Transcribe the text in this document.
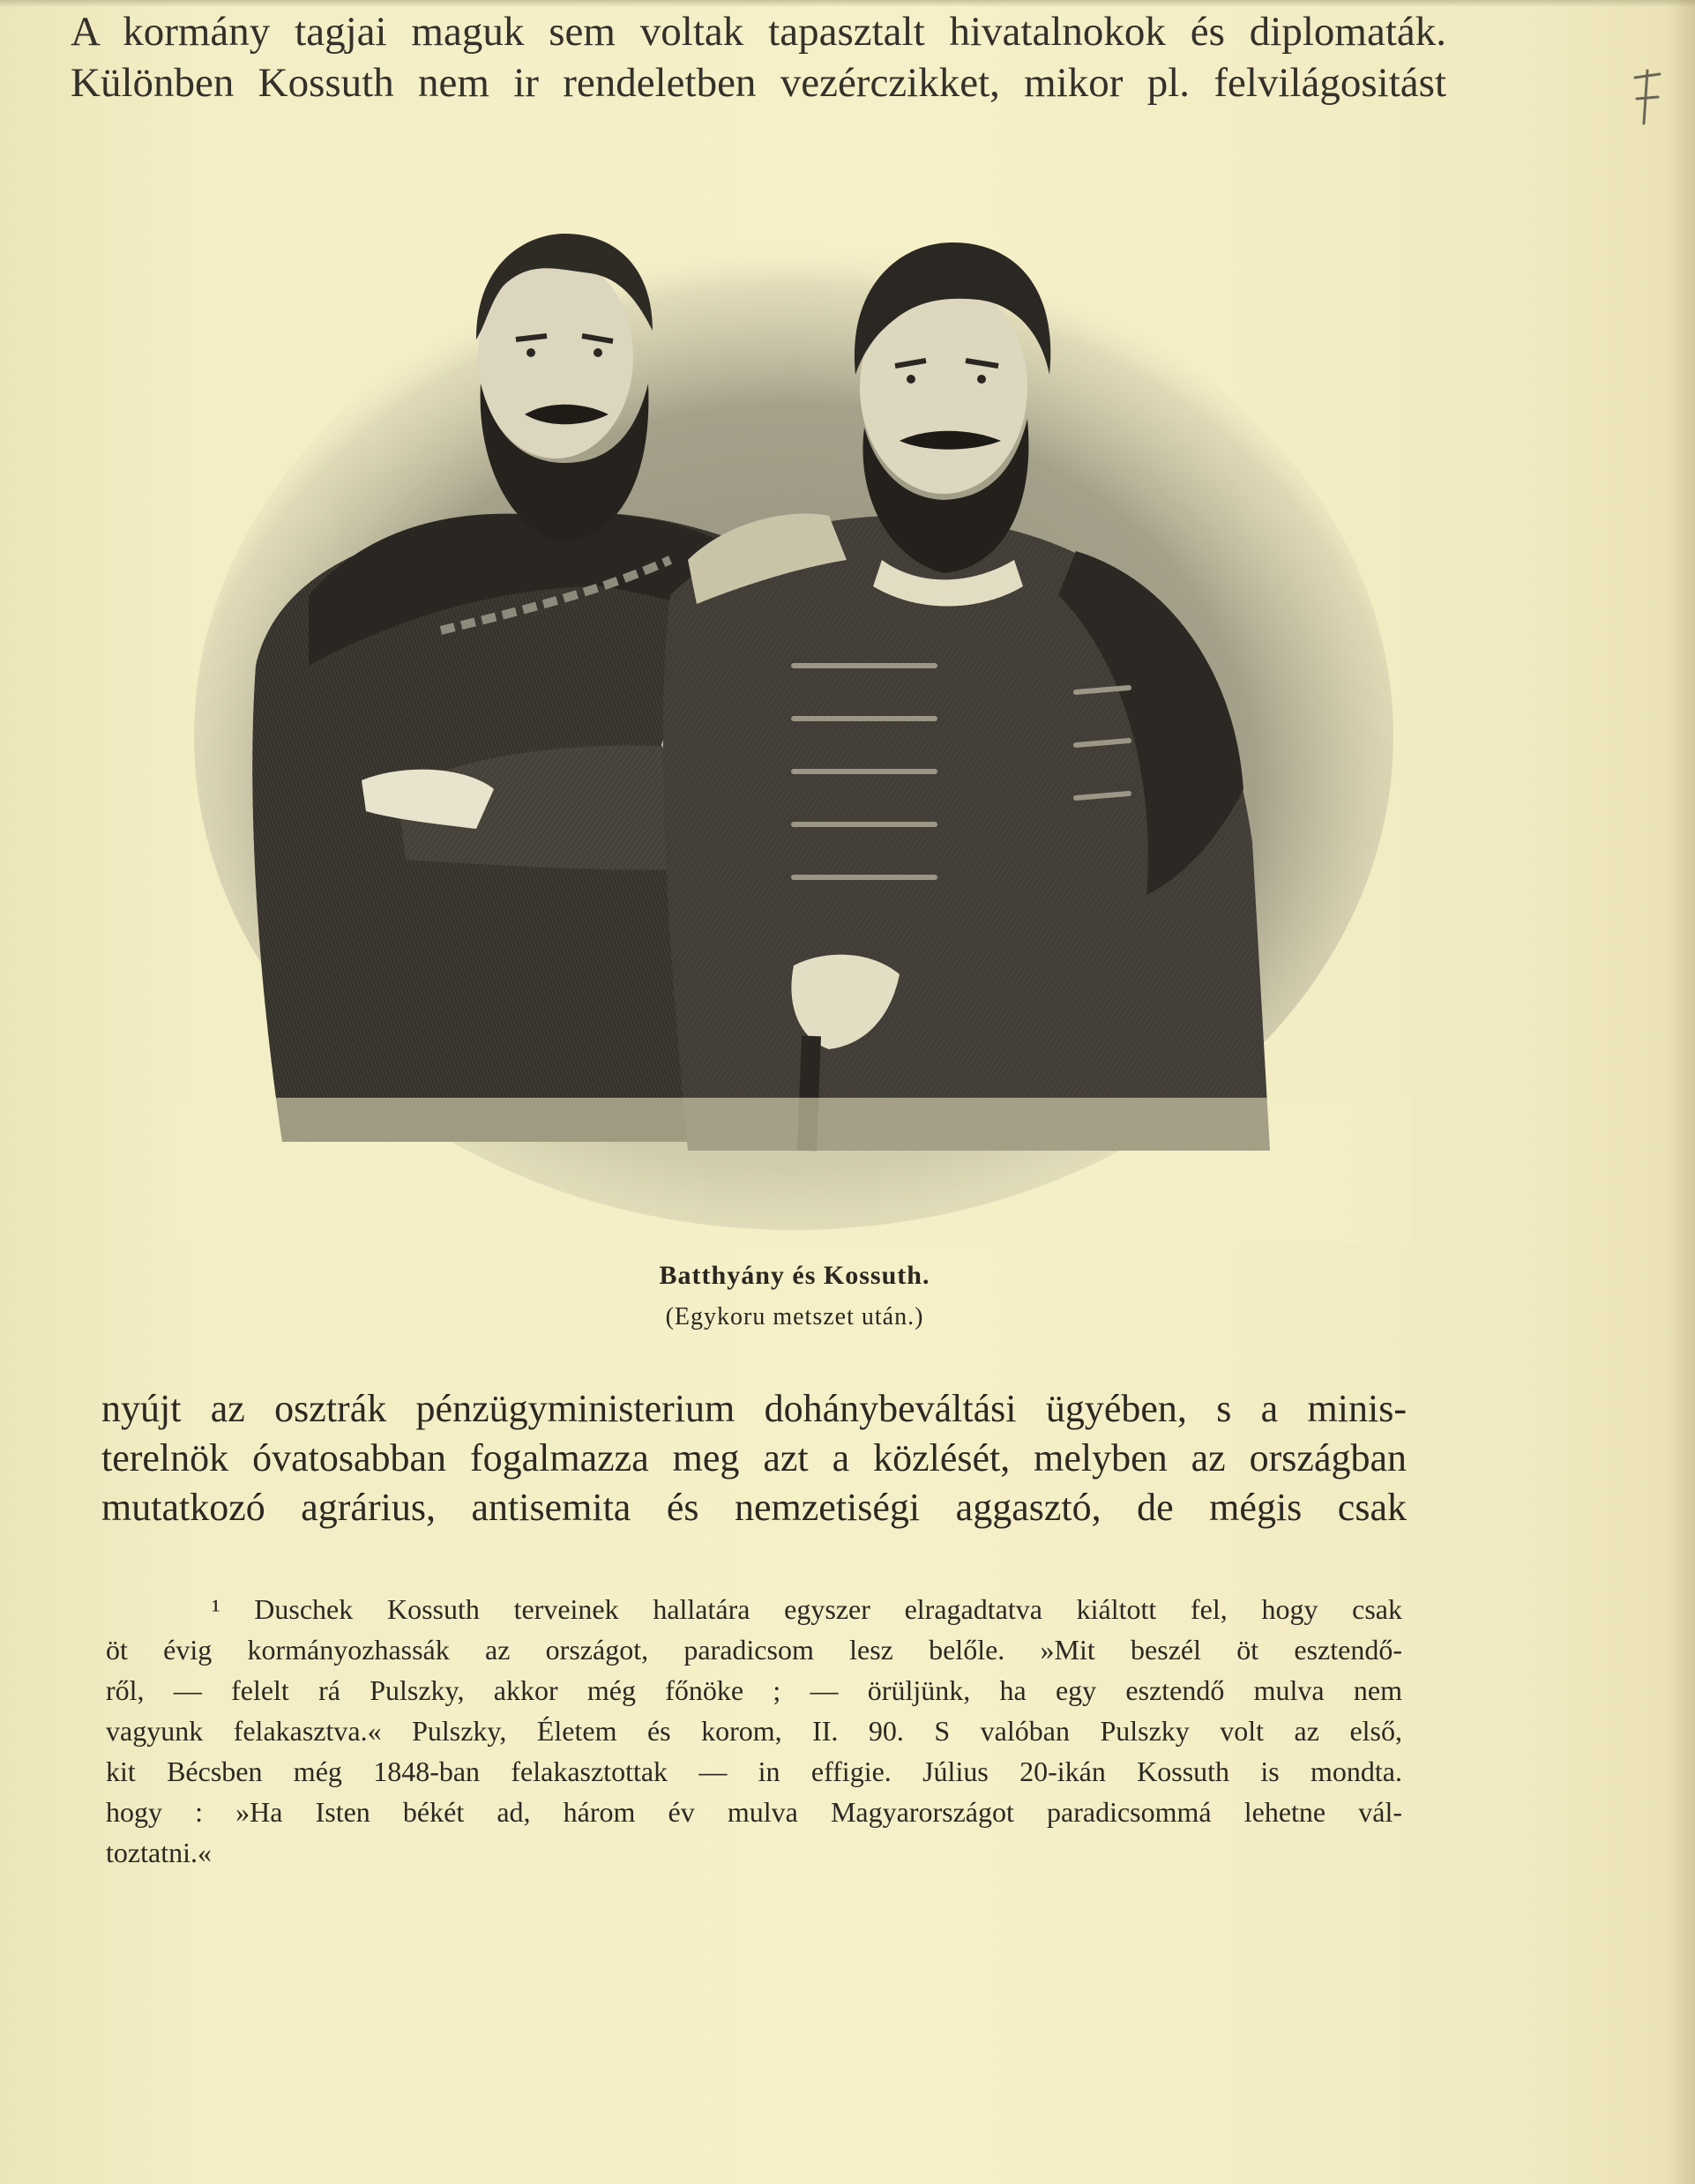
A kormány tagjai maguk sem voltak tapasztalt hivatalnokok és diplomaták.

Különben Kossuth nem ir rendeletben vezérczikket, mikor pl. felvilágositást

Batthyány és Kossuth.
(Egykoru metszet után.)
nyújt az osztrák pénzügyministerium dohánybeváltási ügyében, s a minis-
terelnök óvatosabban fogalmazza meg azt a közlését, melyben az országban
mutatkozó agrárius, antisemita és nemzetiségi aggasztó, de mégis csak
¹ Duschek Kossuth terveinek hallatára egyszer elragadtatva kiáltott fel, hogy csak
öt évig kormányozhassák az országot, paradicsom lesz belőle. »Mit beszél öt esztendő-
ről, — felelt rá Pulszky, akkor még főnöke ; — örüljünk, ha egy esztendő mulva nem
vagyunk felakasztva.« Pulszky, Életem és korom, II. 90. S valóban Pulszky volt az első,
kit Bécsben még 1848-ban felakasztottak — in effigie. Július 20-ikán Kossuth is mondta.
hogy : »Ha Isten békét ad, három év mulva Magyarországot paradicsommá lehetne vál-
toztatni.«
